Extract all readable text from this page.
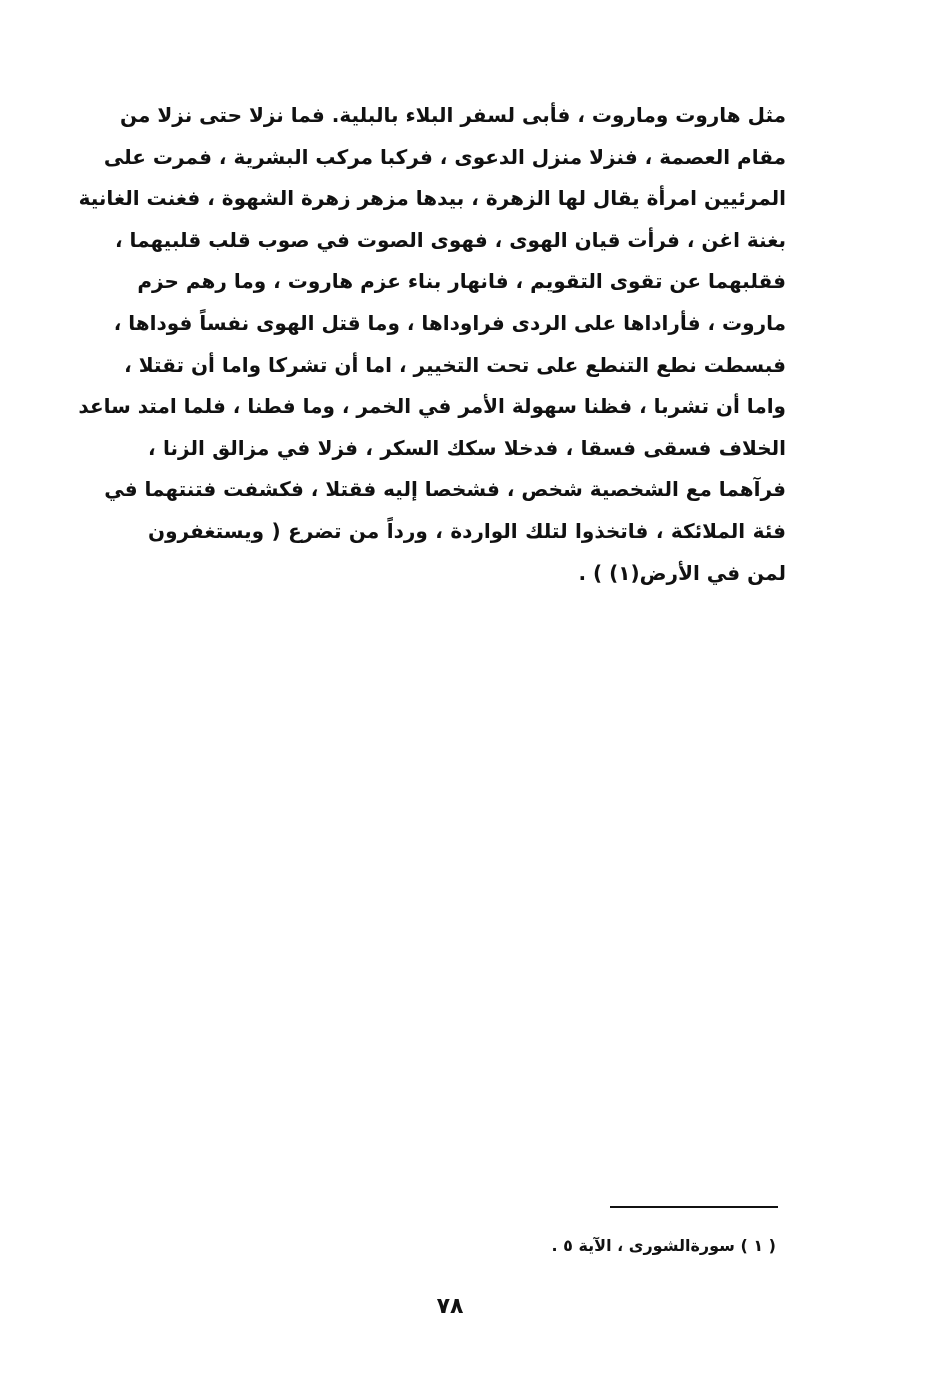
مثل هاروت وماروت ، فأبى لسفر البلاء بالبلية. فما نزلا حتى نزلا من
مقام العصمة ، فنزلا منزل الدعوى ، فركبا مركب البشرية ، فمرت على
المرئيين امرأة يقال لها الزهرة ، بيدها مزهر زهرة الشهوة ، فغنت الغانية
بغنة اغن ، فرأت قيان الهوى ، فهوى الصوت في صوب قلب قلبيهما ،
فقلبهما عن تقوى التقويم ، فانهار بناء عزم هاروت ، وما رهم حزم
ماروت ، فأراداها على الردى فراوداها ، وما قتل الهوى نفساً فوداها ،
فبسطت نطع التنطع على تحت التخيير ، اما أن تشركا واما أن تقتلا ،
واما أن تشربا ، فظنا سهولة الأمر في الخمر ، وما فطنا ، فلما امتد ساعد
الخلاف فسقى فسقا ، فدخلا سكك السكر ، فزلا في مزالق الزنا ،
فرآهما مع الشخصية شخص ، فشخصا إليه فقتلا ، فكشفت فتنتهما في
فئة الملائكة ، فاتخذوا لتلك الواردة ، ورداً من تضرع ( ويستغفرون
لمن في الأرض(١) ) .
( ١ ) سورةالشورى ، الآية ٥ .
٧٨
